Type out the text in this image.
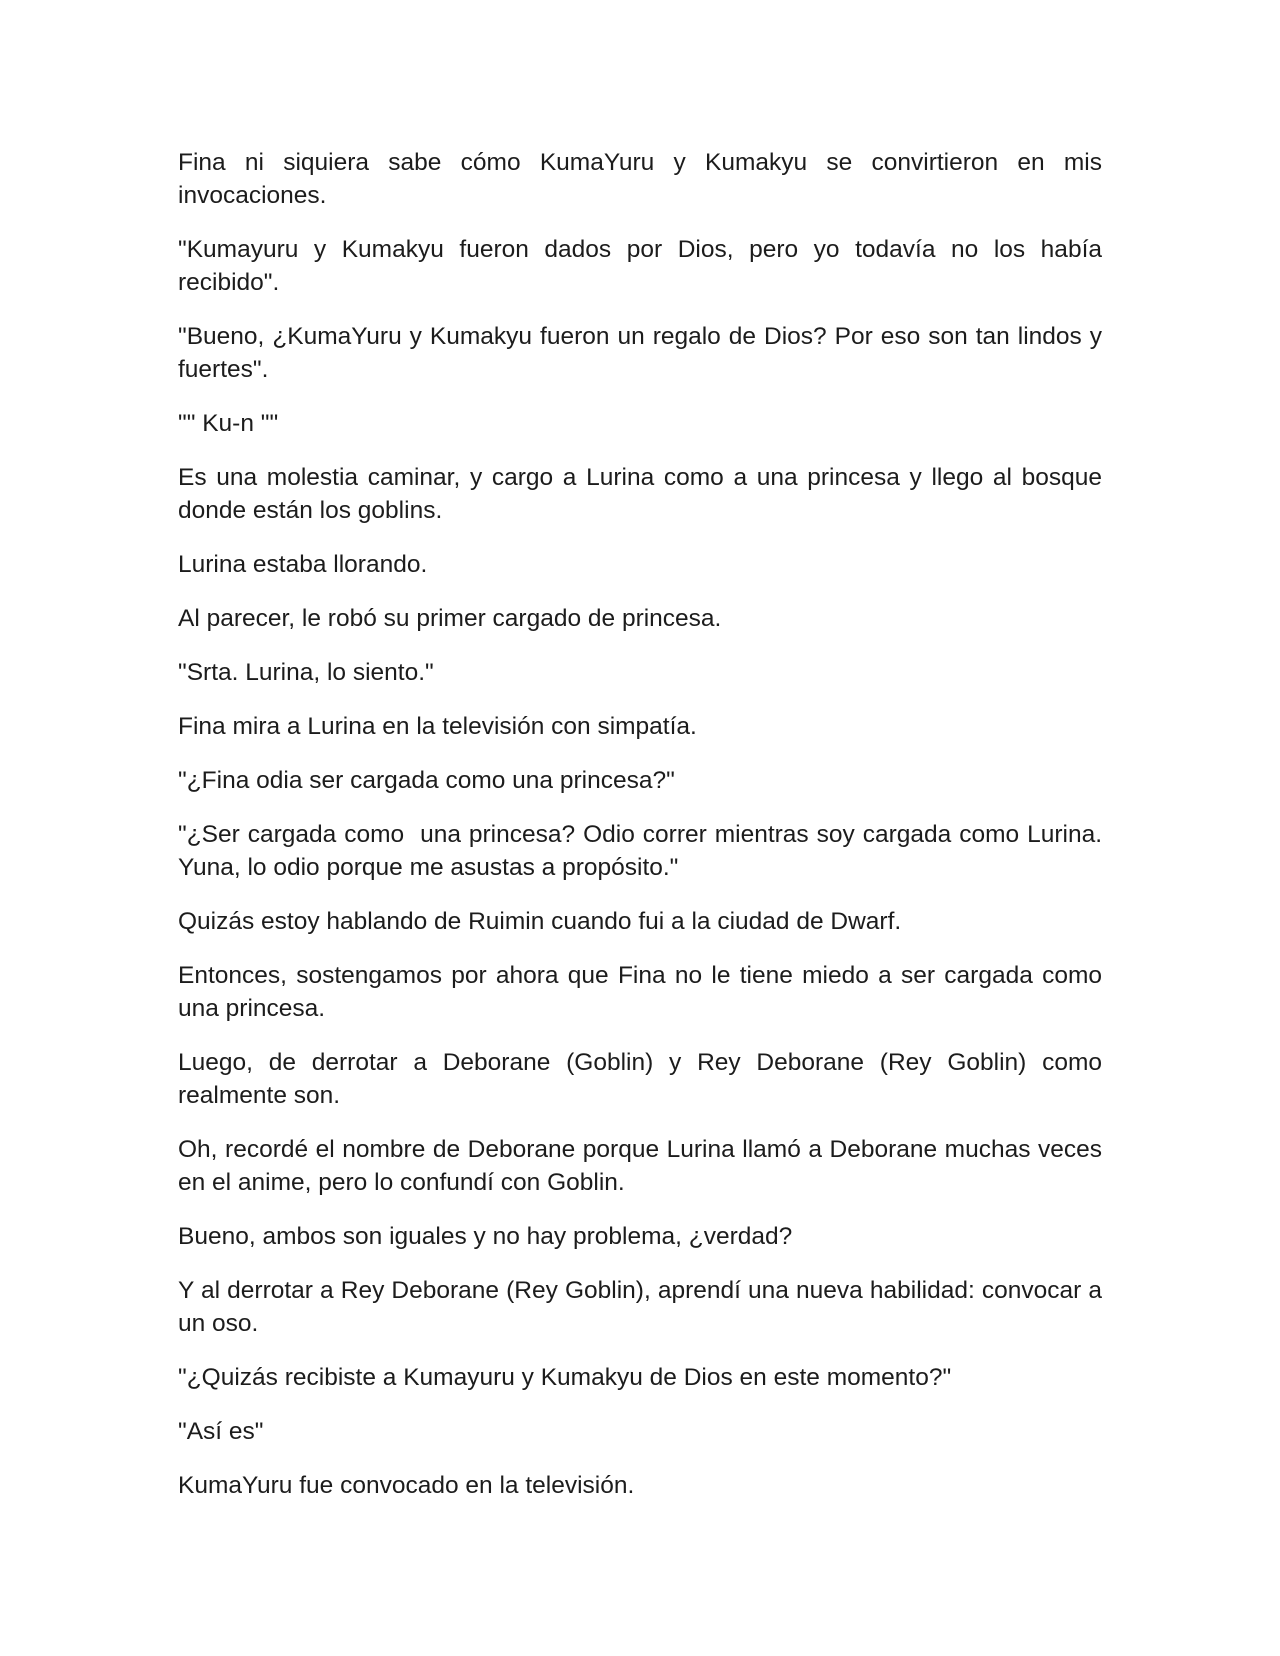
Fina ni siquiera sabe cómo KumaYuru y Kumakyu se convirtieron en mis invocaciones.

"Kumayuru y Kumakyu fueron dados por Dios, pero yo todavía no los había recibido".

"Bueno, ¿KumaYuru y Kumakyu fueron un regalo de Dios? Por eso son tan lindos y fuertes".

"" Ku-n ""

Es una molestia caminar, y cargo a Lurina como a una princesa y llego al bosque donde están los goblins.

Lurina estaba llorando.

Al parecer, le robó su primer cargado de princesa.

"Srta. Lurina, lo siento."

Fina mira a Lurina en la televisión con simpatía.

"¿Fina odia ser cargada como una princesa?"

"¿Ser cargada como  una princesa? Odio correr mientras soy cargada como Lurina. Yuna, lo odio porque me asustas a propósito."

Quizás estoy hablando de Ruimin cuando fui a la ciudad de Dwarf.

Entonces, sostengamos por ahora que Fina no le tiene miedo a ser cargada como una princesa.

Luego, de derrotar a Deborane (Goblin) y Rey Deborane (Rey Goblin) como realmente son.

Oh, recordé el nombre de Deborane porque Lurina llamó a Deborane muchas veces en el anime, pero lo confundí con Goblin.

Bueno, ambos son iguales y no hay problema, ¿verdad?

Y al derrotar a Rey Deborane (Rey Goblin), aprendí una nueva habilidad: convocar a un oso.

"¿Quizás recibiste a Kumayuru y Kumakyu de Dios en este momento?"

"Así es"

KumaYuru fue convocado en la televisión.
